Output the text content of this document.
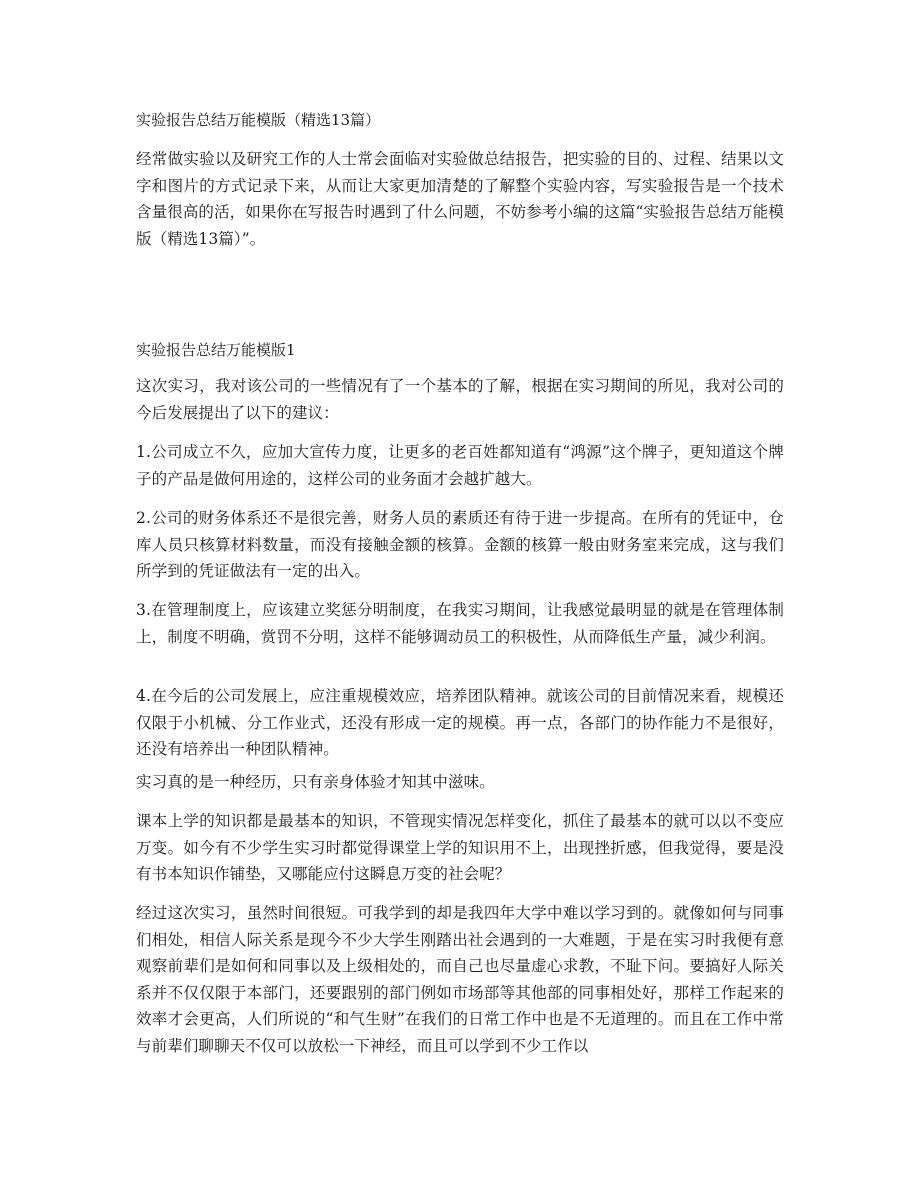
实验报告总结万能模版（精选13篇）

经常做实验以及研究工作的人士常会面临对实验做总结报告，把实验的目的、过程、结果以文字和图片的方式记录下来，从而让大家更加清楚的了解整个实验内容，写实验报告是一个技术含量很高的活，如果你在写报告时遇到了什么问题，不妨参考小编的这篇“实验报告总结万能模版（精选13篇）”。

实验报告总结万能模版1

这次实习，我对该公司的一些情况有了一个基本的了解，根据在实习期间的所见，我对公司的今后发展提出了以下的建议：

1.公司成立不久，应加大宣传力度，让更多的老百姓都知道有“鸿源”这个牌子，更知道这个牌子的产品是做何用途的，这样公司的业务面才会越扩越大。

2.公司的财务体系还不是很完善，财务人员的素质还有待于进一步提高。在所有的凭证中，仓库人员只核算材料数量，而没有接触金额的核算。金额的核算一般由财务室来完成，这与我们所学到的凭证做法有一定的出入。

3.在管理制度上，应该建立奖惩分明制度，在我实习期间，让我感觉最明显的就是在管理体制上，制度不明确，赏罚不分明，这样不能够调动员工的积极性，从而降低生产量，减少利润。

4.在今后的公司发展上，应注重规模效应，培养团队精神。就该公司的目前情况来看，规模还仅限于小机械、分工作业式，还没有形成一定的规模。再一点，各部门的协作能力不是很好，还没有培养出一种团队精神。

实习真的是一种经历，只有亲身体验才知其中滋味。

课本上学的知识都是最基本的知识，不管现实情况怎样变化，抓住了最基本的就可以以不变应万变。如今有不少学生实习时都觉得课堂上学的知识用不上，出现挫折感，但我觉得，要是没有书本知识作铺垫，又哪能应付这瞬息万变的社会呢？

经过这次实习，虽然时间很短。可我学到的却是我四年大学中难以学习到的。就像如何与同事们相处，相信人际关系是现今不少大学生刚踏出社会遇到的一大难题，于是在实习时我便有意观察前辈们是如何和同事以及上级相处的，而自己也尽量虚心求教，不耻下问。要搞好人际关系并不仅仅限于本部门，还要跟别的部门例如市场部等其他部的同事相处好，那样工作起来的效率才会更高，人们所说的“和气生财”在我们的日常工作中也是不无道理的。而且在工作中常与前辈们聊聊天不仅可以放松一下神经，而且可以学到不少工作以
